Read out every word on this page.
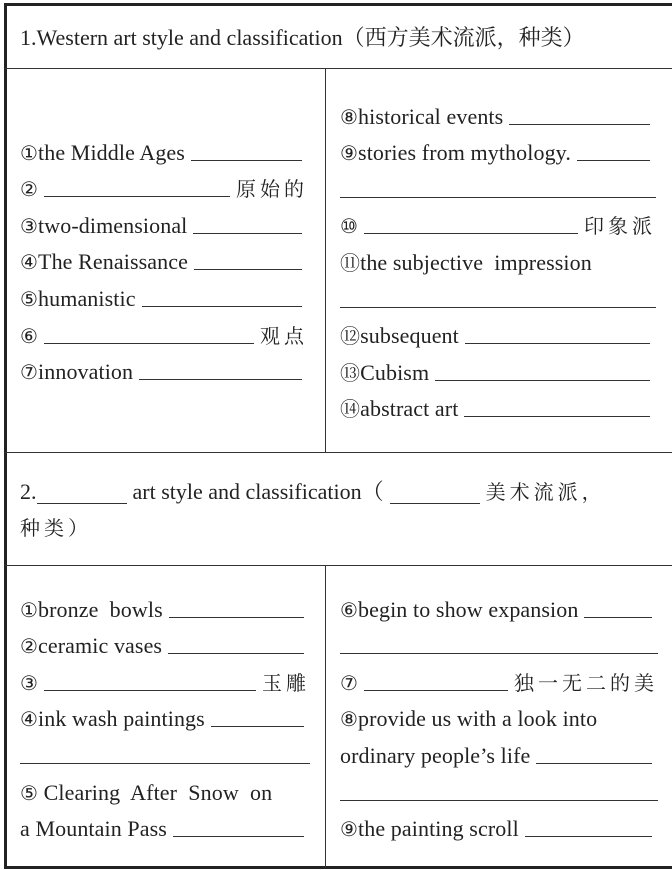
1.Western art style and classification（西方美术流派，种类）
2.	art style and classification（	美术流派，
种类）
① the Middle Ages
②	原始的
③ two-dimensional
④ The Renaissance
⑤ humanistic
⑥	观点
⑦ innovation
⑧ historical events
⑨ stories from mythology.
⑩	印象派
⑪ the subjective  impression
⑫ subsequent
⑬ Cubism
⑭ abstract art
① bronze  bowls
② ceramic vases
③	玉雕
④ ink wash paintings
⑤ Clearing  After  Snow  on
a Mountain Pass
⑥ begin to show expansion
⑦	独一无二的美
⑧ provide us with a look into
ordinary people’s life
⑨ the painting scroll
